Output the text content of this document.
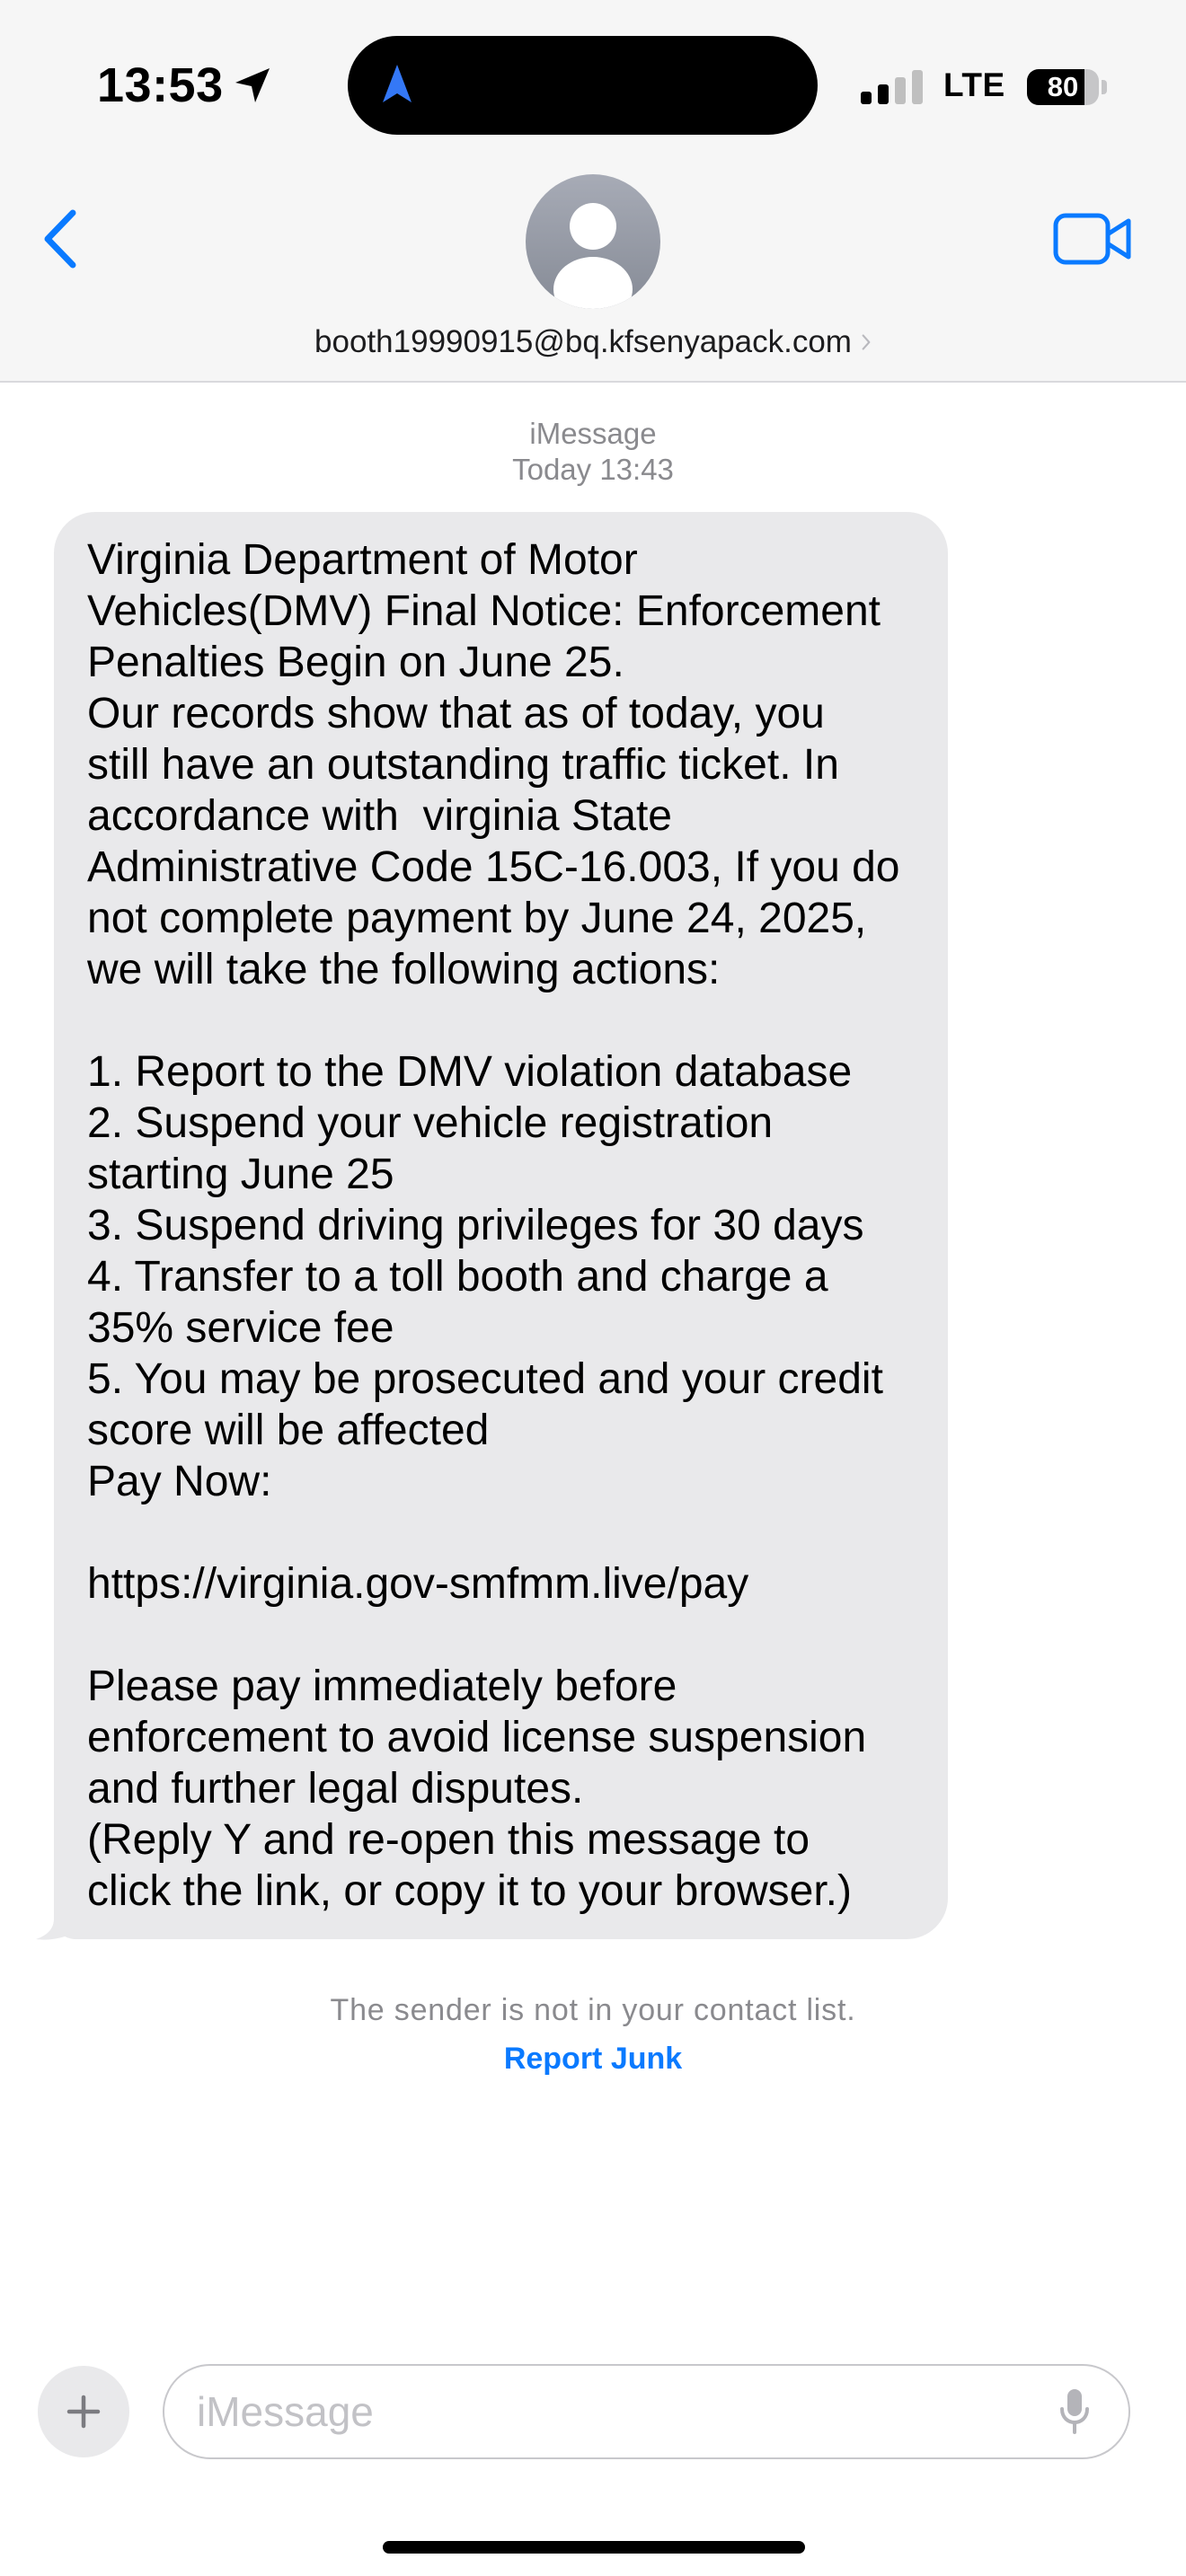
13:53	LTE	80
booth19990915@bq.kfsenyapack.com
iMessage
Today 13:43
Virginia Department of Motor
Vehicles(DMV) Final Notice: Enforcement
Penalties Begin on June 25.
Our records show that as of today, you
still have an outstanding traffic ticket. In
accordance with  virginia State
Administrative Code 15C-16.003, If you do
not complete payment by June 24, 2025,
we will take the following actions:
1. Report to the DMV violation database
2. Suspend your vehicle registration
starting June 25
3. Suspend driving privileges for 30 days
4. Transfer to a toll booth and charge a
35% service fee
5. You may be prosecuted and your credit
score will be affected
Pay Now:
https://virginia.gov-smfmm.live/pay
Please pay immediately before
enforcement to avoid license suspension
and further legal disputes.
(Reply Y and re-open this message to
click the link, or copy it to your browser.)
The sender is not in your contact list.
Report Junk
iMessage
